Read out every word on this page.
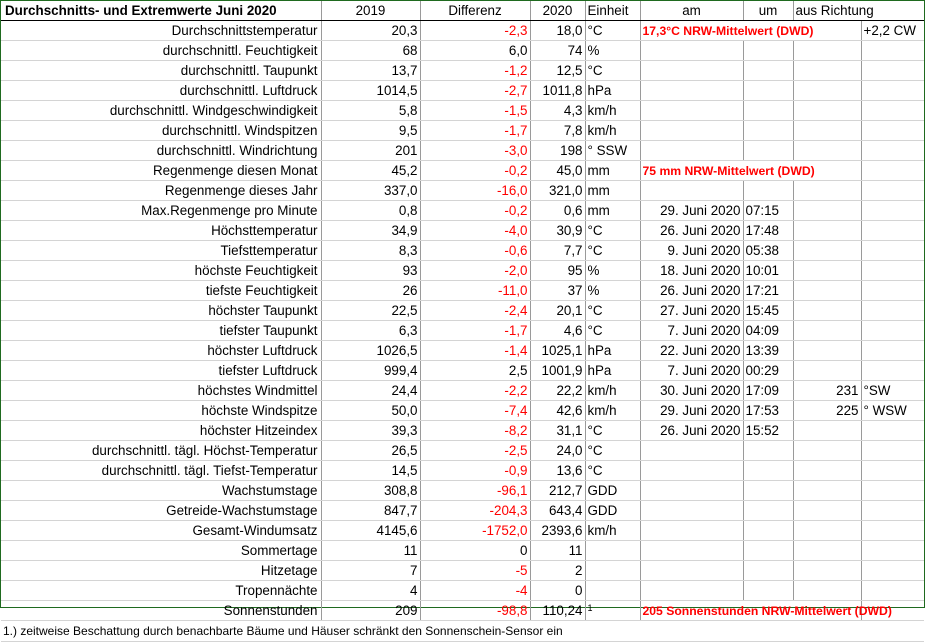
Durchschnitts- und Extremwerte Juni 2020	2019	Differenz	2020	Einheit	am	um	aus Richtung	
Durchschnittstemperatur	20,3	-2,3	18,0	°C	17,3°C NRW-Mittelwert (DWD)			+2,2 CW
durchschnittl. Feuchtigkeit	68	6,0	74	%				
durchschnittl. Taupunkt	13,7	-1,2	12,5	°C				
durchschnittl. Luftdruck	1014,5	-2,7	1011,8	hPa				
durchschnittl. Windgeschwindigkeit	5,8	-1,5	4,3	km/h				
durchschnittl. Windspitzen	9,5	-1,7	7,8	km/h				
durchschnittl. Windrichtung	201	-3,0	198	° SSW				
Regenmenge diesen Monat	45,2	-0,2	45,0	mm	75 mm NRW-Mittelwert (DWD)			
Regenmenge dieses Jahr	337,0	-16,0	321,0	mm				
Max.Regenmenge pro Minute	0,8	-0,2	0,6	mm	29. Juni 2020	07:15		
Höchsttemperatur	34,9	-4,0	30,9	°C	26. Juni 2020	17:48		
Tiefsttemperatur	8,3	-0,6	7,7	°C	9. Juni 2020	05:38		
höchste Feuchtigkeit	93	-2,0	95	%	18. Juni 2020	10:01		
tiefste Feuchtigkeit	26	-11,0	37	%	26. Juni 2020	17:21		
höchster Taupunkt	22,5	-2,4	20,1	°C	27. Juni 2020	15:45		
tiefster Taupunkt	6,3	-1,7	4,6	°C	7. Juni 2020	04:09		
höchster Luftdruck	1026,5	-1,4	1025,1	hPa	22. Juni 2020	13:39		
tiefster Luftdruck	999,4	2,5	1001,9	hPa	7. Juni 2020	00:29		
höchstes Windmittel	24,4	-2,2	22,2	km/h	30. Juni 2020	17:09	231	°SW
höchste Windspitze	50,0	-7,4	42,6	km/h	29. Juni 2020	17:53	225	° WSW
höchster Hitzeindex	39,3	-8,2	31,1	°C	26. Juni 2020	15:52		
durchschnittl. tägl. Höchst-Temperatur	26,5	-2,5	24,0	°C				
durchschnittl. tägl. Tiefst-Temperatur	14,5	-0,9	13,6	°C				
Wachstumstage	308,8	-96,1	212,7	GDD				
Getreide-Wachstumstage	847,7	-204,3	643,4	GDD				
Gesamt-Windumsatz	4145,6	-1752,0	2393,6	km/h				
Sommertage	11	0	11					
Hitzetage	7	-5	2					
Tropennächte	4	-4	0					
Sonnenstunden	209	-98,8	110,24	$^1$	205 Sonnenstunden NRW-Mittelwert (DWD)			
1.) zeitweise Beschattung durch benachbarte Bäume und Häuser schränkt den Sonnenschein-Sensor ein								
